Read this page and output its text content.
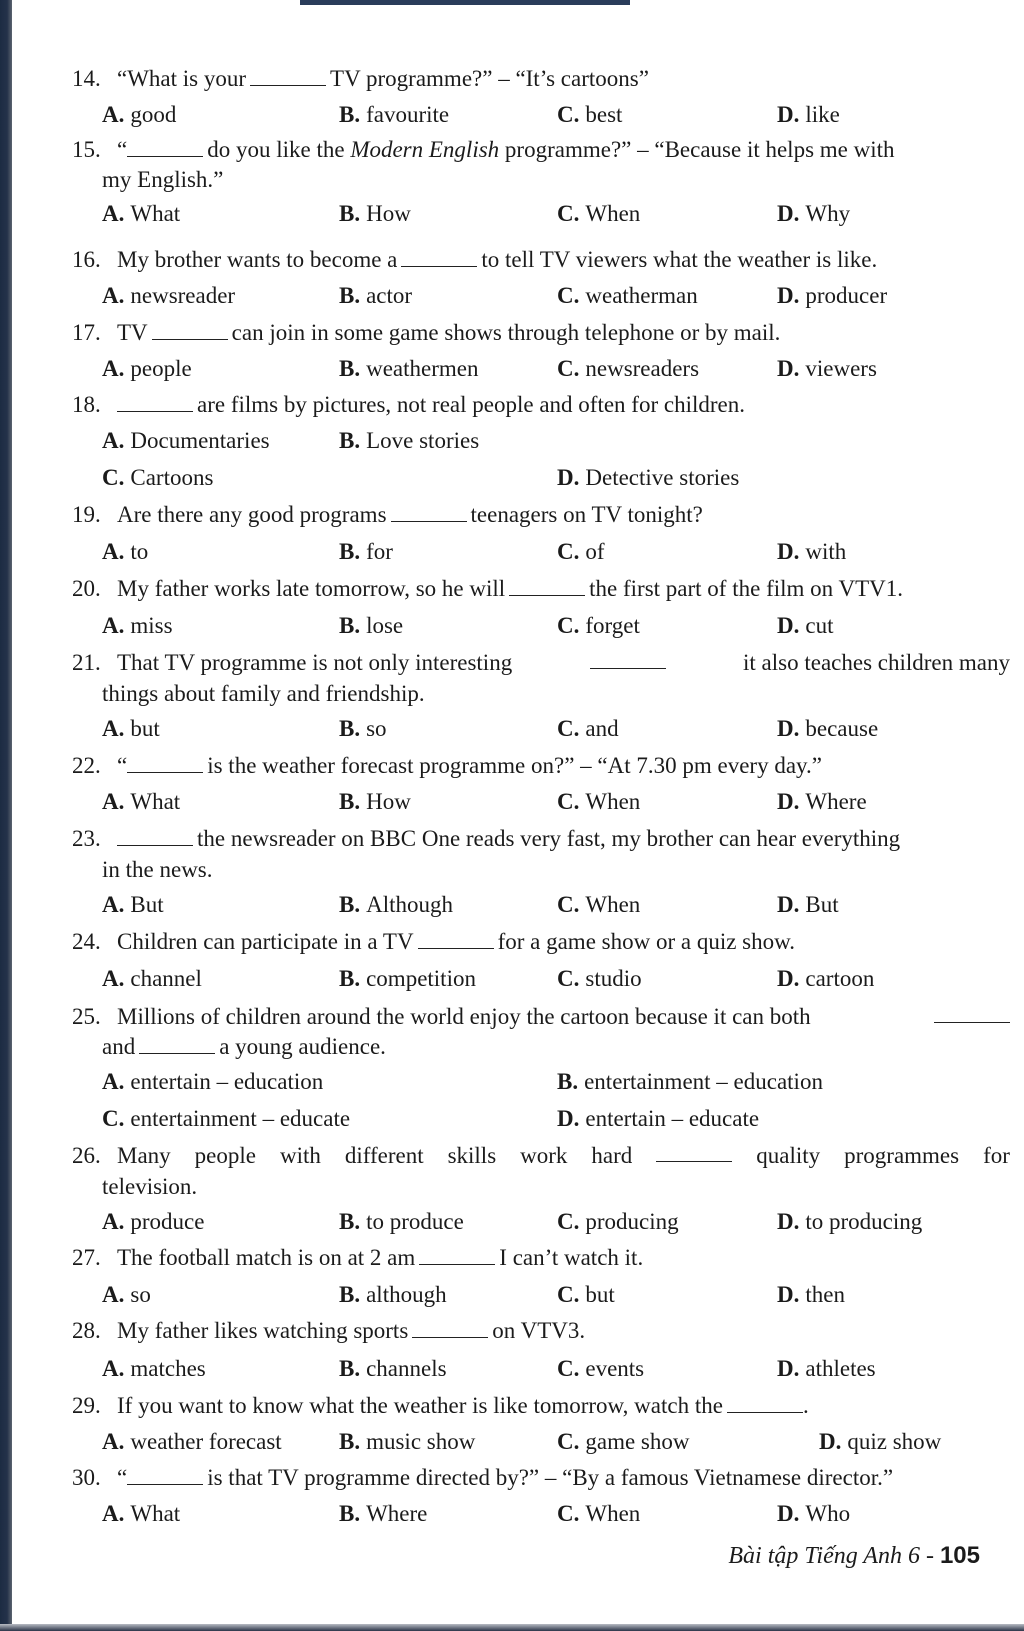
14. “What is your	TV programme?” – “It’s cartoons”
A. good	B. favourite	C. best	D. like
15. “	do you like the Modern English programme?” – “Because it helps me with
my English.”
A. What	B. How	C. When	D. Why
16. My brother wants to become a	to tell TV viewers what the weather is like.
A. newsreader	B. actor	C. weatherman	D. producer
17. TV	can join in some game shows through telephone or by mail.
A. people	B. weathermen	C. newsreaders	D. viewers
18.	are films by pictures, not real people and often for children.
A. Documentaries	B. Love stories
C. Cartoons	D. Detective stories
19. Are there any good programs	teenagers on TV tonight?
A. to	B. for	C. of	D. with
20. My father works late tomorrow, so he will	the first part of the film on VTV1.
A. miss	B. lose	C. forget	D. cut
21. That TV programme is not only interesting	it also teaches children many
things about family and friendship.
A. but	B. so	C. and	D. because
22. “	is the weather forecast programme on?” – “At 7.30 pm every day.”
A. What	B. How	C. When	D. Where
23.	the newsreader on BBC One reads very fast, my brother can hear everything
in the news.
A. But	B. Although	C. When	D. But
24. Children can participate in a TV	for a game show or a quiz show.
A. channel	B. competition	C. studio	D. cartoon
25. Millions of children around the world enjoy the cartoon because it can both
and	a young audience.
A. entertain – education	B. entertainment – education
C. entertainment – educate	D. entertain – educate
26. Many people with different skills work hard	quality programmes for
television.
A. produce	B. to produce	C. producing	D. to producing
27. The football match is on at 2 am	I can’t watch it.
A. so	B. although	C. but	D. then
28. My father likes watching sports	on VTV3.
A. matches	B. channels	C. events	D. athletes
29. If you want to know what the weather is like tomorrow, watch the	.
A. weather forecast B. music show	C. game show	D. quiz show
30. “	is that TV programme directed by?” – “By a famous Vietnamese director.”
A. What	B. Where	C. When	D. Who
Bài tập Tiếng Anh 6 - 105
